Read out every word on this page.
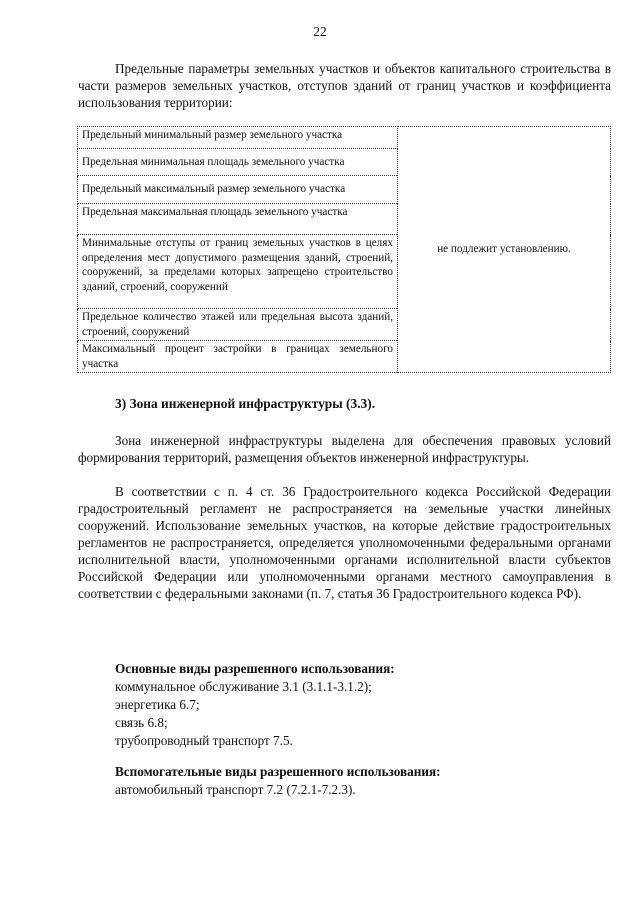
22

Предельные параметры земельных участков и объектов капитального строительства в части размеров земельных участков, отступов зданий от границ участков и коэффициента использования территории:

Предельный минимальный размер земельного участка	не подлежит установлению.
Предельная минимальная площадь земельного участка
Предельный максимальный размер земельного участка
Предельная максимальная площадь земельного участка
Минимальные отступы от границ земельных участков в целях определения мест допустимого размещения зданий, строений, сооружений, за пределами которых запрещено строительство зданий, строений, сооружений
Предельное количество этажей или предельная высота зданий, строений, сооружений
Максимальный процент застройки в границах земельного участка

3) Зона инженерной инфраструктуры (3.3).

Зона инженерной инфраструктуры выделена для обеспечения правовых условий формирования территорий, размещения объектов инженерной инфраструктуры.

В соответствии с п. 4 ст. 36 Градостроительного кодекса Российской Федерации градостроительный регламент не распространяется на земельные участки линейных сооружений. Использование земельных участков, на которые действие градостроительных регламентов не распространяется, определяется уполномоченными федеральными органами исполнительной власти, уполномоченными органами исполнительной власти субъектов Российской Федерации или уполномоченными органами местного самоуправления в соответствии с федеральными законами (п. 7, статья 36 Градостроительного кодекса РФ).

Основные виды разрешенного использования:
коммунальное обслуживание 3.1 (3.1.1-3.1.2);
энергетика 6.7;
связь 6.8;
трубопроводный транспорт 7.5.
Вспомогательные виды разрешенного использования:
автомобильный транспорт 7.2 (7.2.1-7.2.3).
